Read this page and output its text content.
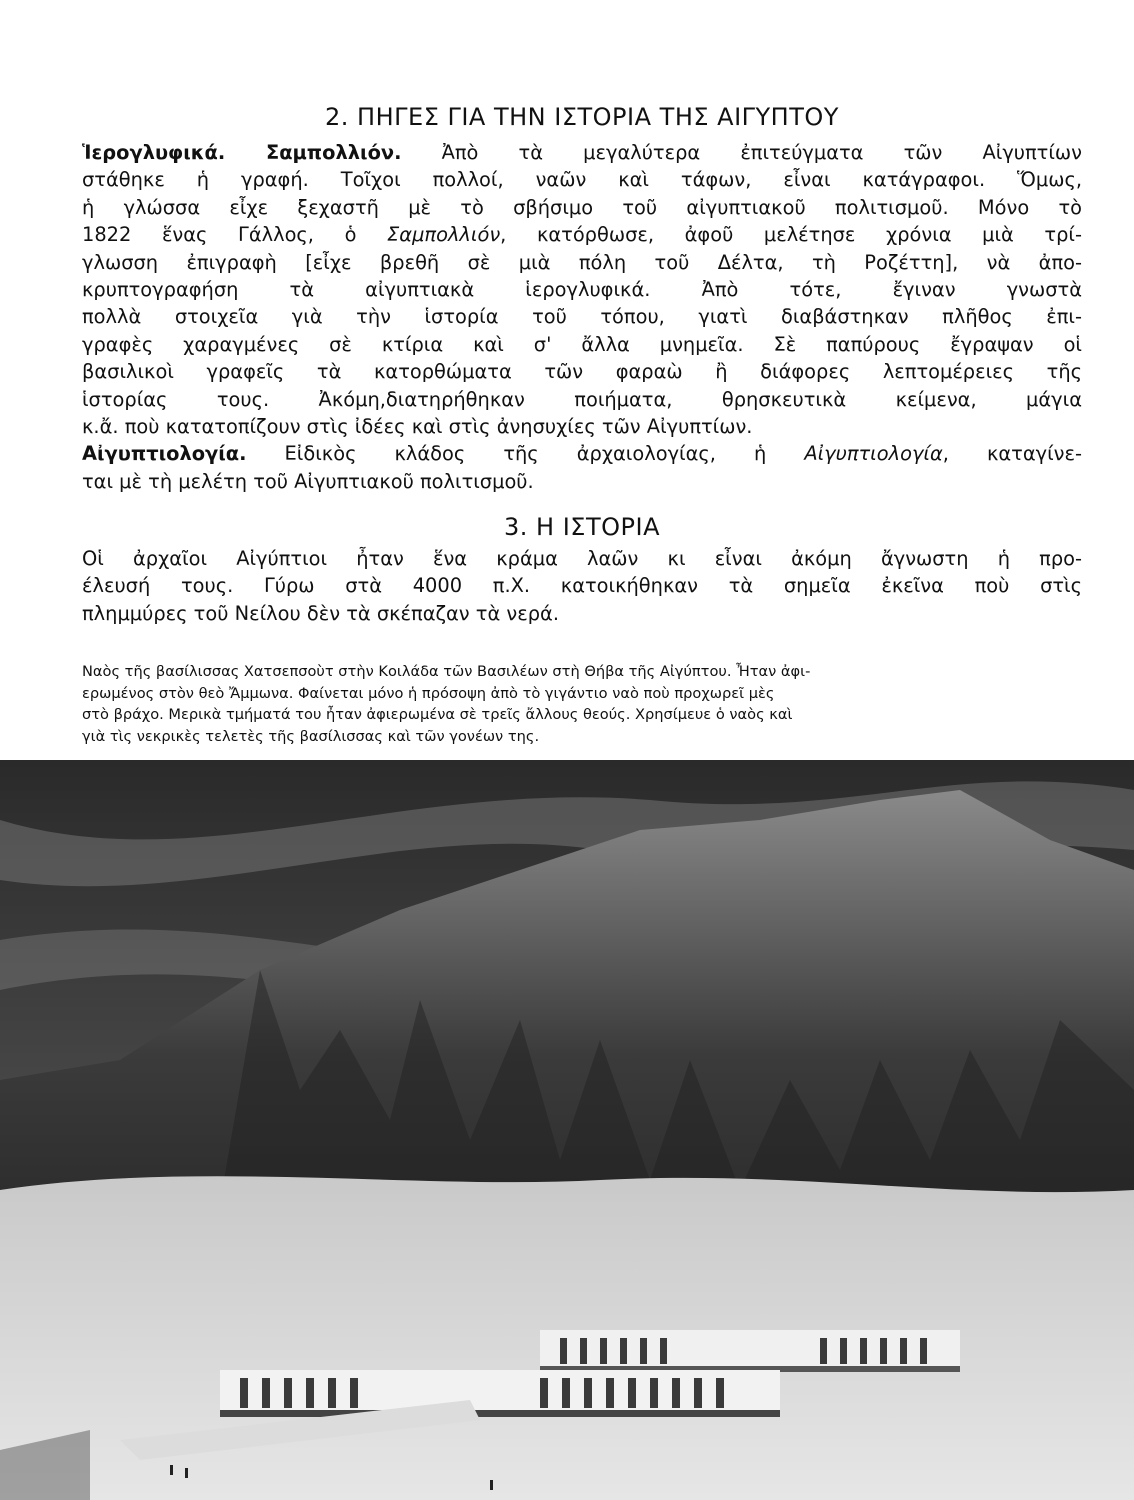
2. ΠΗΓΕΣ ΓΙΑ ΤΗΝ ΙΣΤΟΡΙΑ ΤΗΣ ΑΙΓΥΠΤΟΥ
Ἱερογλυφικά. Σαμπολλιόν. Ἀπὸ τὰ μεγαλύτερα ἐπιτεύγματα τῶν Αἰγυπτίων
στάθηκε ἡ γραφή. Τοῖχοι πολλοί, ναῶν καὶ τάφων, εἶναι κατάγραφοι. Ὅμως,
ἡ γλώσσα εἶχε ξεχαστῆ μὲ τὸ σβήσιμο τοῦ αἰγυπτιακοῦ πολιτισμοῦ. Μόνο τὸ
1822 ἕνας Γάλλος, ὁ Σαμπολλιόν, κατόρθωσε, ἀφοῦ μελέτησε χρόνια μιὰ τρί-
γλωσση ἐπιγραφὴ [εἶχε βρεθῆ σὲ μιὰ πόλη τοῦ Δέλτα, τὴ Ροζέττη], νὰ ἀπο-
κρυπτογραφήση τὰ αἰγυπτιακὰ ἱερογλυφικά. Ἀπὸ τότε, ἔγιναν γνωστὰ
πολλὰ στοιχεῖα γιὰ τὴν ἱστορία τοῦ τόπου, γιατὶ διαβάστηκαν πλῆθος ἐπι-
γραφὲς χαραγμένες σὲ κτίρια καὶ σ' ἄλλα μνημεῖα. Σὲ παπύρους ἔγραψαν οἱ
βασιλικοὶ γραφεῖς τὰ κατορθώματα τῶν φαραὼ ἢ διάφορες λεπτομέρειες τῆς
ἱστορίας τους. Ἀκόμη,διατηρήθηκαν ποιήματα, θρησκευτικὰ κείμενα, μάγια
κ.ἄ. ποὺ κατατοπίζουν στὶς ἰδέες καὶ στὶς ἀνησυχίες τῶν Αἰγυπτίων.
Αἰγυπτιολογία. Εἰδικὸς κλάδος τῆς ἀρχαιολογίας, ἡ Αἰγυπτιολογία, καταγίνε-
ται μὲ τὴ μελέτη τοῦ Αἰγυπτιακοῦ πολιτισμοῦ.
3. Η ΙΣΤΟΡΙΑ
Οἱ ἀρχαῖοι Αἰγύπτιοι ἦταν ἕνα κράμα λαῶν κι εἶναι ἀκόμη ἄγνωστη ἡ προ-
έλευσή τους. Γύρω στὰ 4000 π.Χ. κατοικήθηκαν τὰ σημεῖα ἐκεῖνα ποὺ στὶς
πλημμύρες τοῦ Νείλου δὲν τὰ σκέπαζαν τὰ νερά.
Ναὸς τῆς βασίλισσας Χατσεπσοὺτ στὴν Κοιλάδα τῶν Βασιλέων στὴ Θήβα τῆς Αἰγύπτου. Ἦταν ἀφι-
ερωμένος στὸν θεὸ Ἄμμωνα. Φαίνεται μόνο ἡ πρόσοψη ἀπὸ τὸ γιγάντιο ναὸ ποὺ προχωρεῖ μὲς
στὸ βράχο. Μερικὰ τμήματά του ἦταν ἀφιερωμένα σὲ τρεῖς ἄλλους θεούς. Χρησίμευε ὁ ναὸς καὶ
γιὰ τὶς νεκρικὲς τελετὲς τῆς βασίλισσας καὶ τῶν γονέων της.
